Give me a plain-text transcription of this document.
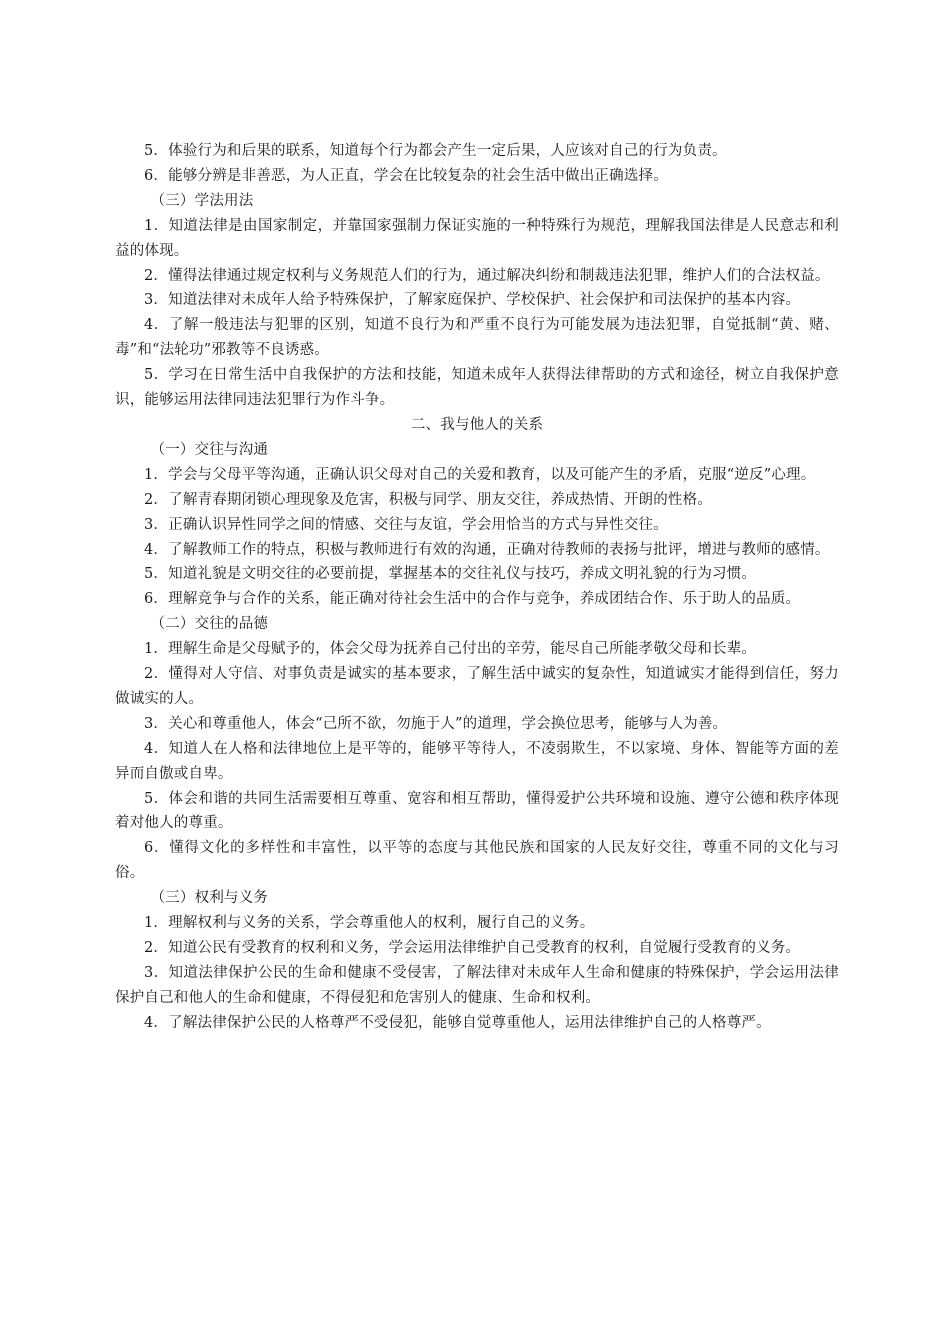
5．体验行为和后果的联系，知道每个行为都会产生一定后果，人应该对自己的行为负责。

6．能够分辨是非善恶，为人正直，学会在比较复杂的社会生活中做出正确选择。

（三）学法用法

1．知道法律是由国家制定，并靠国家强制力保证实施的一种特殊行为规范，理解我国法律是人民意志和利益的体现。

2．懂得法律通过规定权利与义务规范人们的行为，通过解决纠纷和制裁违法犯罪，维护人们的合法权益。

3．知道法律对未成年人给予特殊保护，了解家庭保护、学校保护、社会保护和司法保护的基本内容。

4．了解一般违法与犯罪的区别，知道不良行为和严重不良行为可能发展为违法犯罪，自觉抵制“黄、赌、毒”和“法轮功”邪教等不良诱惑。

5．学习在日常生活中自我保护的方法和技能，知道未成年人获得法律帮助的方式和途径，树立自我保护意识，能够运用法律同违法犯罪行为作斗争。

二、我与他人的关系

（一）交往与沟通

1．学会与父母平等沟通，正确认识父母对自己的关爱和教育，以及可能产生的矛盾，克服“逆反”心理。

2．了解青春期闭锁心理现象及危害，积极与同学、朋友交往，养成热情、开朗的性格。

3．正确认识异性同学之间的情感、交往与友谊，学会用恰当的方式与异性交往。

4．了解教师工作的特点，积极与教师进行有效的沟通，正确对待教师的表扬与批评，增进与教师的感情。

5．知道礼貌是文明交往的必要前提，掌握基本的交往礼仪与技巧，养成文明礼貌的行为习惯。

6．理解竞争与合作的关系，能正确对待社会生活中的合作与竞争，养成团结合作、乐于助人的品质。

（二）交往的品德

1．理解生命是父母赋予的，体会父母为抚养自己付出的辛劳，能尽自己所能孝敬父母和长辈。

2．懂得对人守信、对事负责是诚实的基本要求，了解生活中诚实的复杂性，知道诚实才能得到信任，努力做诚实的人。

3．关心和尊重他人，体会“己所不欲，勿施于人”的道理，学会换位思考，能够与人为善。

4．知道人在人格和法律地位上是平等的，能够平等待人，不凌弱欺生，不以家境、身体、智能等方面的差异而自傲或自卑。

5．体会和谐的共同生活需要相互尊重、宽容和相互帮助，懂得爱护公共环境和设施、遵守公德和秩序体现着对他人的尊重。

6．懂得文化的多样性和丰富性，以平等的态度与其他民族和国家的人民友好交往，尊重不同的文化与习俗。

（三）权利与义务

1．理解权利与义务的关系，学会尊重他人的权利，履行自己的义务。

2．知道公民有受教育的权利和义务，学会运用法律维护自己受教育的权利，自觉履行受教育的义务。

3．知道法律保护公民的生命和健康不受侵害，了解法律对未成年人生命和健康的特殊保护，学会运用法律保护自己和他人的生命和健康，不得侵犯和危害别人的健康、生命和权利。

4．了解法律保护公民的人格尊严不受侵犯，能够自觉尊重他人，运用法律维护自己的人格尊严。
